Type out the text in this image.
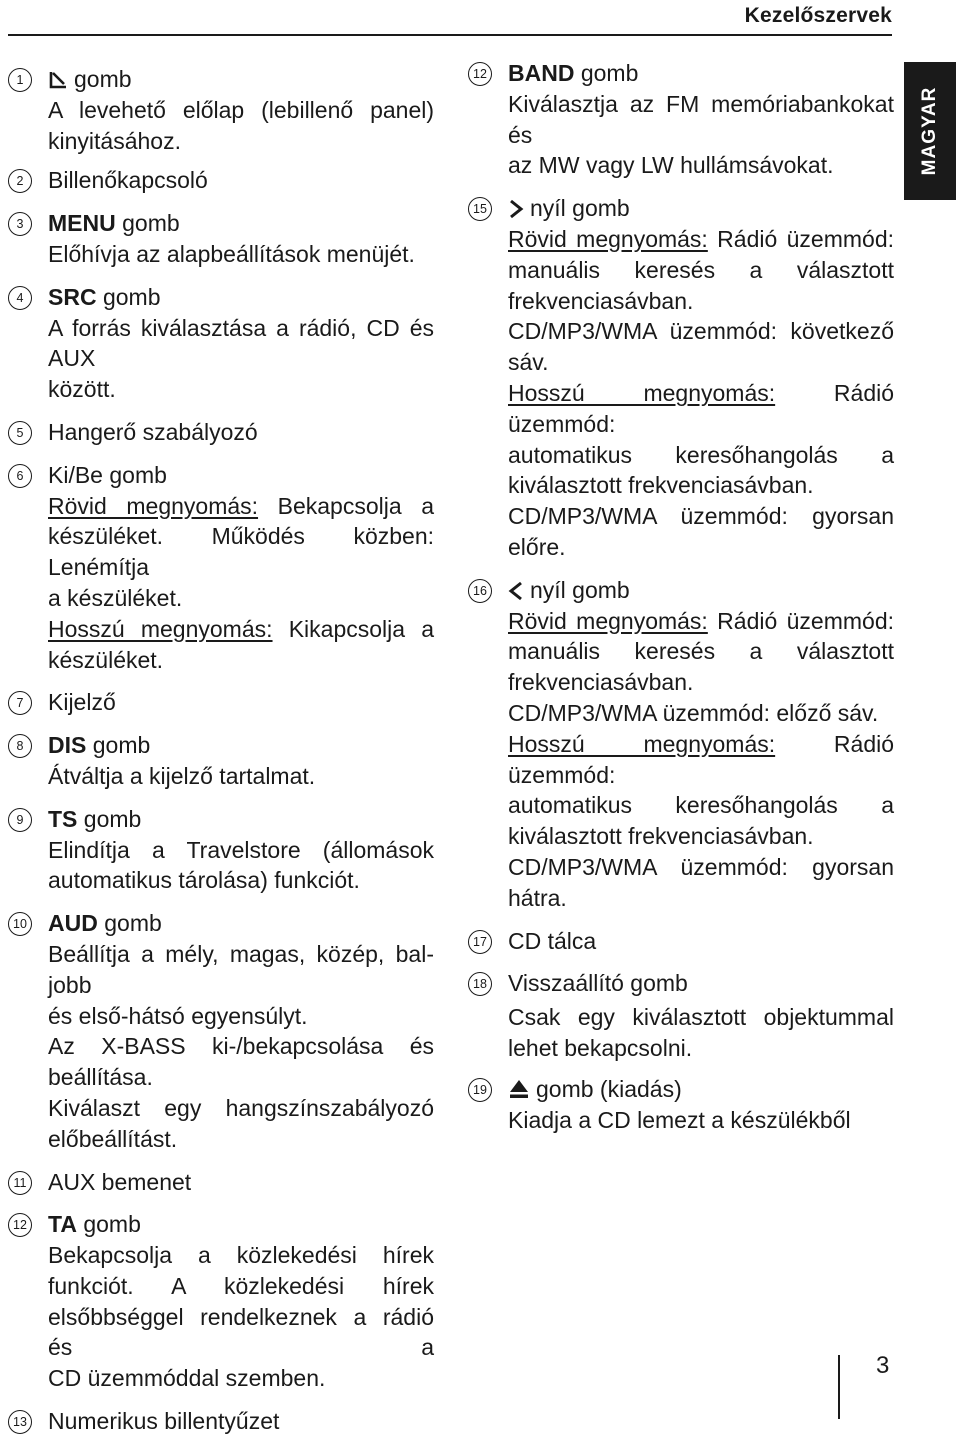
Kezelőszervek
MAGYAR
1	gomb
A levehető előlap (lebillenő panel)
kinyitásához.
2	Billenőkapcsoló
3	MENU gomb
Előhívja az alapbeállítások menüjét.
4	SRC gomb
A forrás kiválasztása a rádió, CD és AUX
között.
5	Hangerő szabályozó
6	Ki/Be gomb
Rövid megnyomás: Bekapcsolja a
készüléket. Működés közben: Lenémítja
a készüléket.
Hosszú megnyomás: Kikapcsolja a
készüléket.
7	Kijelző
8	DIS gomb
Átváltja a kijelző tartalmat.
9	TS gomb
Elindítja a Travelstore (állomások
automatikus tárolása) funkciót.
10 AUD gomb
Beállítja a mély, magas, közép, bal-jobb
és első-hátsó egyensúlyt.
Az X-BASS ki-/bekapcsolása és
beállítása.
Kiválaszt egy hangszínszabályozó
előbeállítást.
11 AUX bemenet
12 TA gomb
Bekapcsolja a közlekedési hírek
funkciót. A közlekedési hírek
elsőbbséggel rendelkeznek a rádió és a
CD üzemmóddal szemben.
13 Numerikus billentyűzet
12 BAND gomb
Kiválasztja az FM memóriabankokat és
az MW vagy LW hullámsávokat.
15	nyíl gomb
Rövid megnyomás: Rádió üzemmód:
manuális keresés a választott
frekvenciasávban.
CD/MP3/WMA üzemmód: következő
sáv.
Hosszú megnyomás: Rádió üzemmód:
automatikus keresőhangolás a
kiválasztott frekvenciasávban.
CD/MP3/WMA üzemmód: gyorsan
előre.
16	nyíl gomb
Rövid megnyomás: Rádió üzemmód:
manuális keresés a választott
frekvenciasávban.
CD/MP3/WMA üzemmód: előző sáv.
Hosszú megnyomás: Rádió üzemmód:
automatikus keresőhangolás a
kiválasztott frekvenciasávban.
CD/MP3/WMA üzemmód: gyorsan
hátra.
17 CD tálca
18 Visszaállító gomb
Csak egy kiválasztott objektummal
lehet bekapcsolni.
19	gomb (kiadás)
Kiadja a CD lemezt a készülékből
3
